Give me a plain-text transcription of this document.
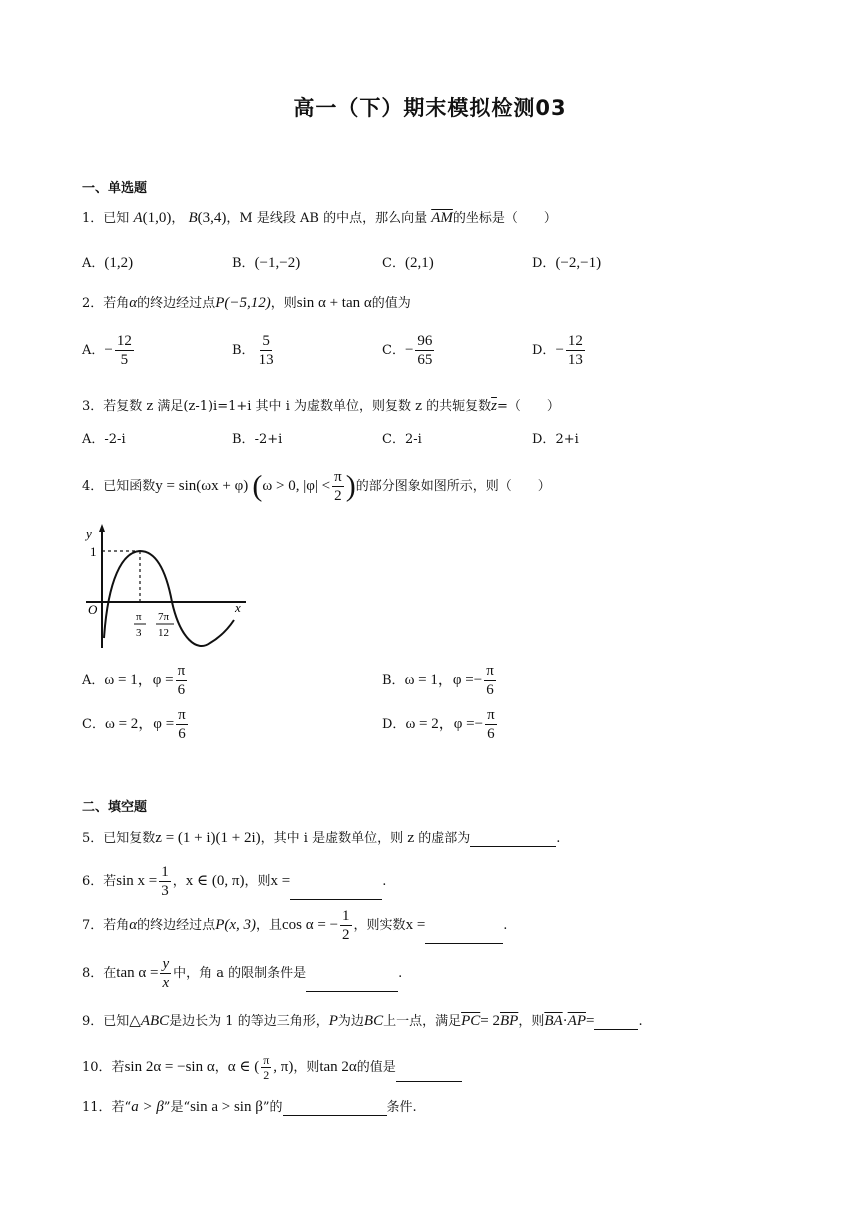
高一（下）期末模拟检测03
一、单选题
1．已知 A(1,0)， B(3,4)，M 是线段 AB 的中点，那么向量 $\overline{AM}$的坐标是（　　）
A．(1,2)	B．(−1,−2)	C．(2,1)	D．(−2,−1)
2．若角α的终边经过点P(−5,12)，则sin α + tan α的值为
A．− $\frac{12}{5}$	B． $\frac{5}{13}$	C．− $\frac{96}{65}$	D．− $\frac{12}{13}$
3．若复数 z 满足(z-1)i=1+i 其中 i 为虚数单位，则复数 z 的共轭复数$\overline{z}=$（　　）
A．-2-i	B．-2+i	C．2-i	D．2+i
4．已知函数y = sin(ωx + φ) (ω > 0, $|\varphi| < \frac{\pi}{2}$ )的部分图象如图所示，则（　　）
y
1
O	x
π
3
7π
12
A．ω = 1，$\varphi = \frac{\pi}{6}$	B．ω = 1，$\varphi =- \frac{\pi}{6}$
C．ω = 2，$\varphi = \frac{\pi}{6}$	D．ω = 2，$\varphi =- \frac{\pi}{6}$
二、填空题
5．已知复数z = (1 + i)(1 + 2i)，其中 i 是虚数单位，则 z 的虚部为	.
6．若$\sin x = \frac{1}{3}$ ，x ∈ (0, π)，则x =	.
7．若角α的终边经过点P(x, 3)，且cos α = − $\frac{1}{2}$ ，则实数x =	.
8．在$\tan \alpha = \frac{y}{x}$ 中，角 a 的限制条件是	.
9．已知△ABC是边长为 1 的等边三角形，P为边BC上一点，满足$\overline{PC}= 2\overline{BP}$，则$\overline{BA}\cdot\overline{AP}=$	.
10．若sin 2α = −sin α，α ∈ ( $\frac{\pi}{2}$ , π)，则tan 2α的值是
11．若“a > β”是“sin a > sin β”的	条件.
